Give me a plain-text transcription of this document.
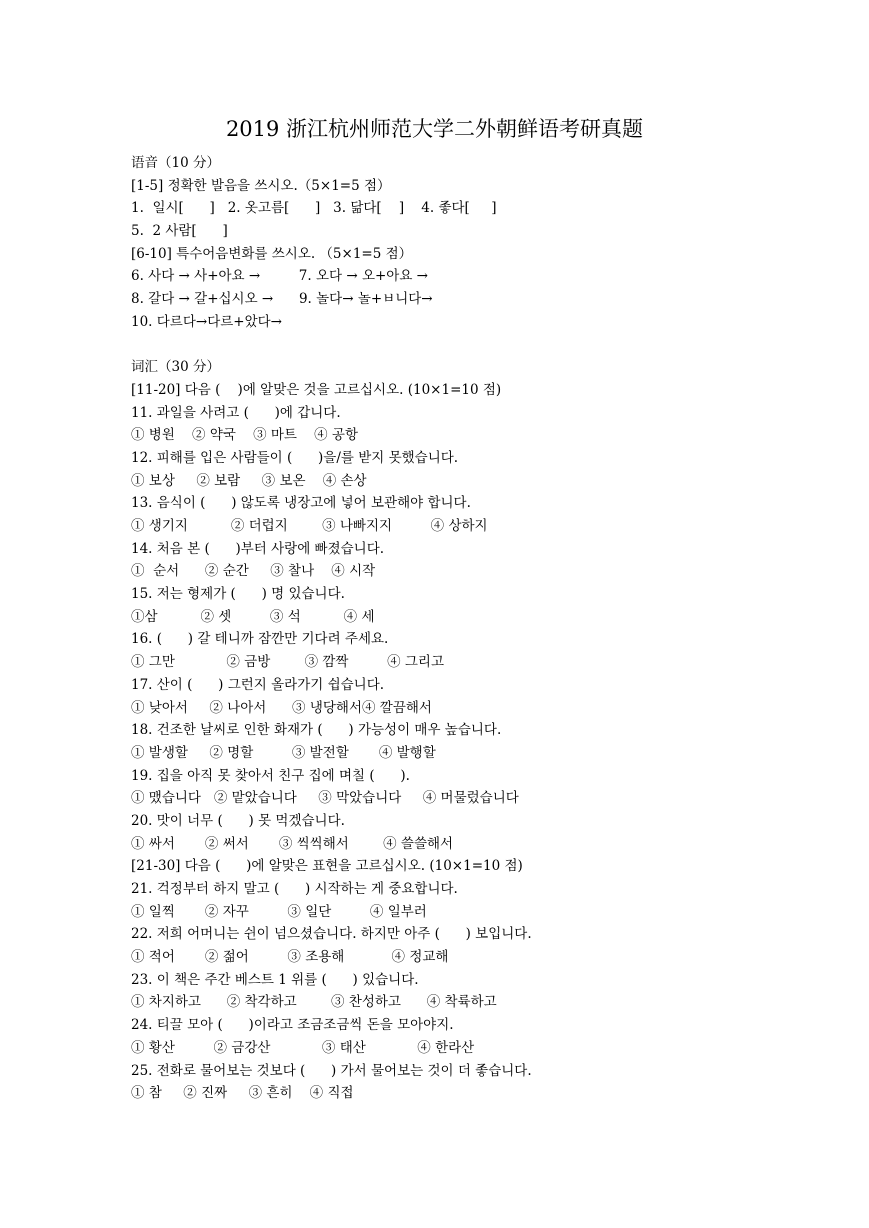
2019 浙江杭州师范大学二外朝鲜语考研真题
语音（10 分）
[1-5] 정확한 발음을 쓰시오.（5×1=5 점）
1.  일시[      ]   2. 옷고름[      ]   3. 닮다[    ]    4. 좋다[     ]
5.  2 사람[      ]
[6-10] 특수어음변화를 쓰시오. （5×1=5 점）
6. 사다 → 사+아요 →         7. 오다 → 오+아요 →
8. 갈다 → 갈+십시오 →      9. 놀다→ 놀+ㅂ니다→
10. 다르다→다르+았다→
词汇（30 分）
[11-20] 다음 (    )에 알맞은 것을 고르십시오. (10×1=10 점)
11. 과일을 사려고 (      )에 갑니다.
① 병원    ② 약국    ③ 마트    ④ 공항
12. 피해를 입은 사람들이 (      )을/를 받지 못했습니다.
① 보상     ② 보람     ③ 보온    ④ 손상
13. 음식이 (      ) 않도록 냉장고에 넣어 보관해야 합니다.
① 생기지          ② 더럽지        ③ 나빠지지         ④ 상하지
14. 처음 본 (      )부터 사랑에 빠졌습니다.
①  순서      ② 순간     ③ 찰나    ④ 시작
15. 저는 형제가 (      ) 명 있습니다.
①삼          ② 셋         ③ 석          ④ 세
16. (      ) 갈 테니까 잠깐만 기다려 주세요.
① 그만            ② 금방        ③ 깜짝         ④ 그리고
17. 산이 (      ) 그런지 올라가기 쉽습니다.
① 낮아서     ② 나아서      ③ 냉당해서④ 깔끔해서
18. 건조한 날씨로 인한 화재가 (      ) 가능성이 매우 높습니다.
① 발생할     ② 명할         ③ 발전할       ④ 발행할
19. 집을 아직 못 찾아서 친구 집에 며칠 (      ).
① 맸습니다   ② 맡았습니다     ③ 막았습니다     ④ 머물렀습니다
20. 맛이 너무 (      ) 못 먹겠습니다.
① 싸서       ② 써서       ③ 씩씩해서        ④ 쓸쓸해서
[21-30] 다음 (      )에 알맞은 표현을 고르십시오. (10×1=10 점)
21. 걱정부터 하지 말고 (      ) 시작하는 게 중요합니다.
① 일찍       ② 자꾸         ③ 일단         ④ 일부러
22. 저희 어머니는 쉰이 넘으셨습니다. 하지만 아주 (      ) 보입니다.
① 적어       ② 젊어         ③ 조용해           ④ 정교해
23. 이 책은 주간 베스트 1 위를 (      ) 있습니다.
① 차지하고      ② 착각하고        ③ 찬성하고      ④ 착륙하고
24. 티끌 모아 (      )이라고 조금조금씩 돈을 모아야지.
① 황산         ② 금강산            ③ 태산            ④ 한라산
25. 전화로 물어보는 것보다 (      ) 가서 물어보는 것이 더 좋습니다.
① 참     ② 진짜     ③ 흔히    ④ 직접
